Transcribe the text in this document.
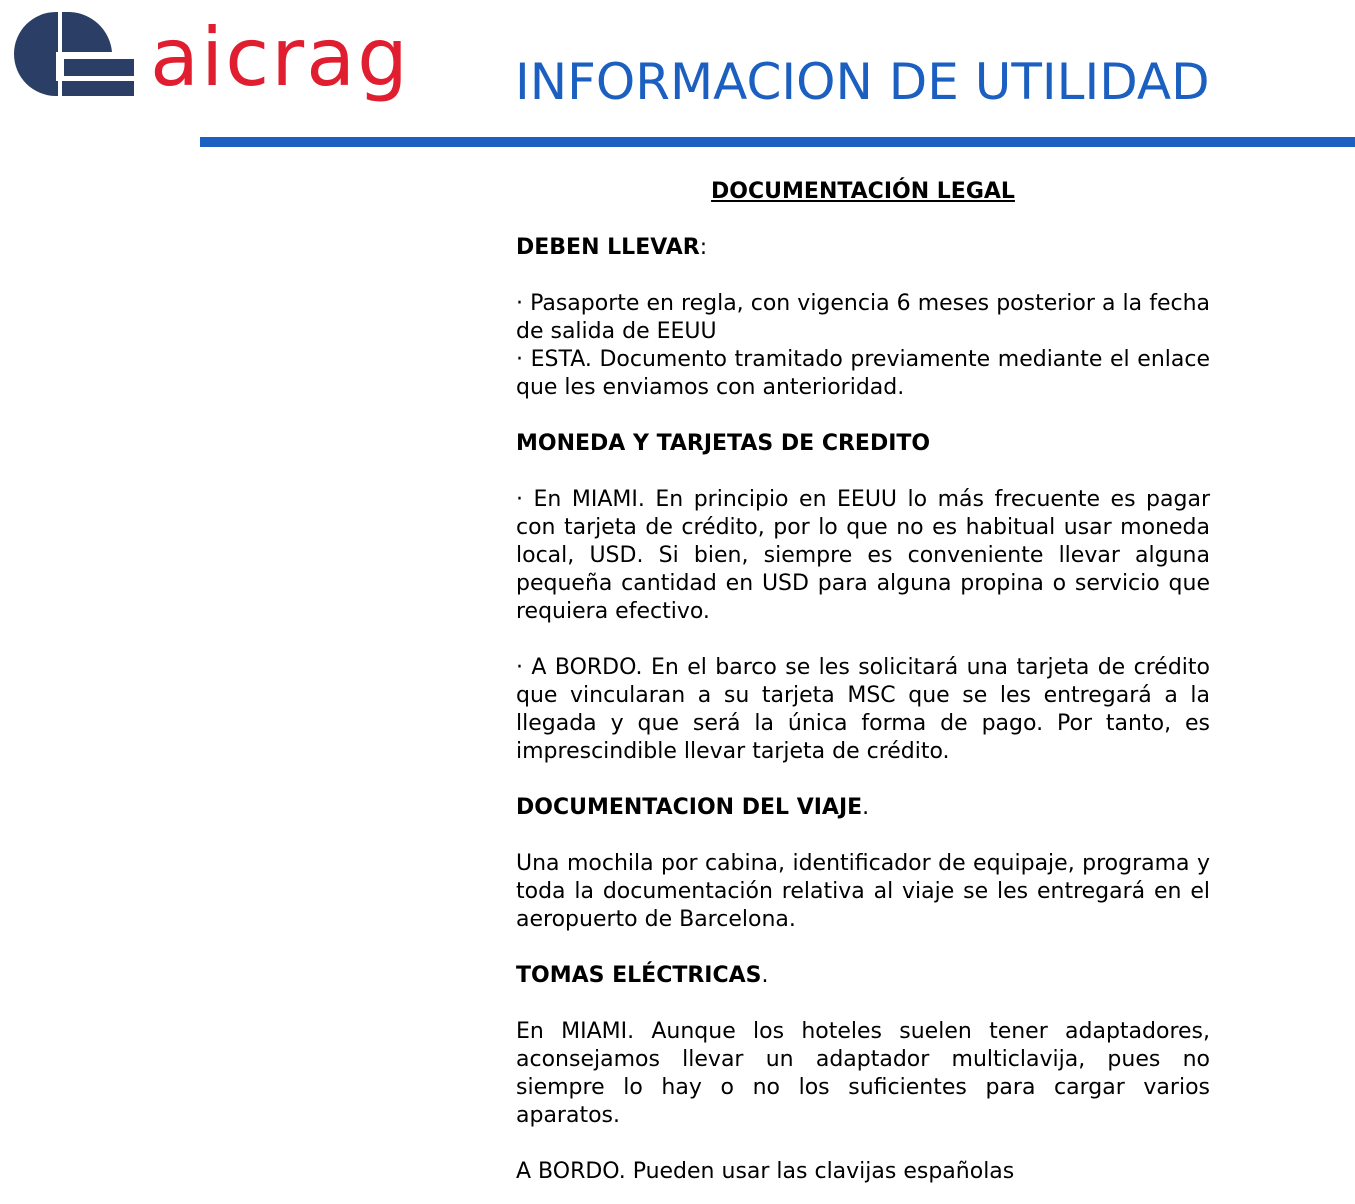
aicrag INFORMACION DE UTILIDAD

DOCUMENTACIÓN LEGAL

DEBEN LLEVAR:

· Pasaporte en regla, con vigencia 6 meses posterior a la fecha de salida de EEUU

· ESTA. Documento tramitado previamente mediante el enlace que les enviamos con anterioridad.

MONEDA Y TARJETAS DE CREDITO

· En MIAMI. En principio en EEUU lo más frecuente es pagar con tarjeta de crédito, por lo que no es habitual usar moneda local, USD. Si bien, siempre es conveniente llevar alguna pequeña cantidad en USD para alguna propina o servicio que requiera efectivo.

· A BORDO. En el barco se les solicitará una tarjeta de crédito que vincularan a su tarjeta MSC que se les entregará a la llegada y que será la única forma de pago. Por tanto, es imprescindible llevar tarjeta de crédito.

DOCUMENTACION DEL VIAJE.

Una mochila por cabina, identificador de equipaje, programa y toda la documentación relativa al viaje se les entregará en el aeropuerto de Barcelona.

TOMAS ELÉCTRICAS.

En MIAMI. Aunque los hoteles suelen tener adaptadores, aconsejamos llevar un adaptador multiclavija, pues no siempre lo hay o no los suficientes para cargar varios aparatos.

A BORDO. Pueden usar las clavijas españolas
